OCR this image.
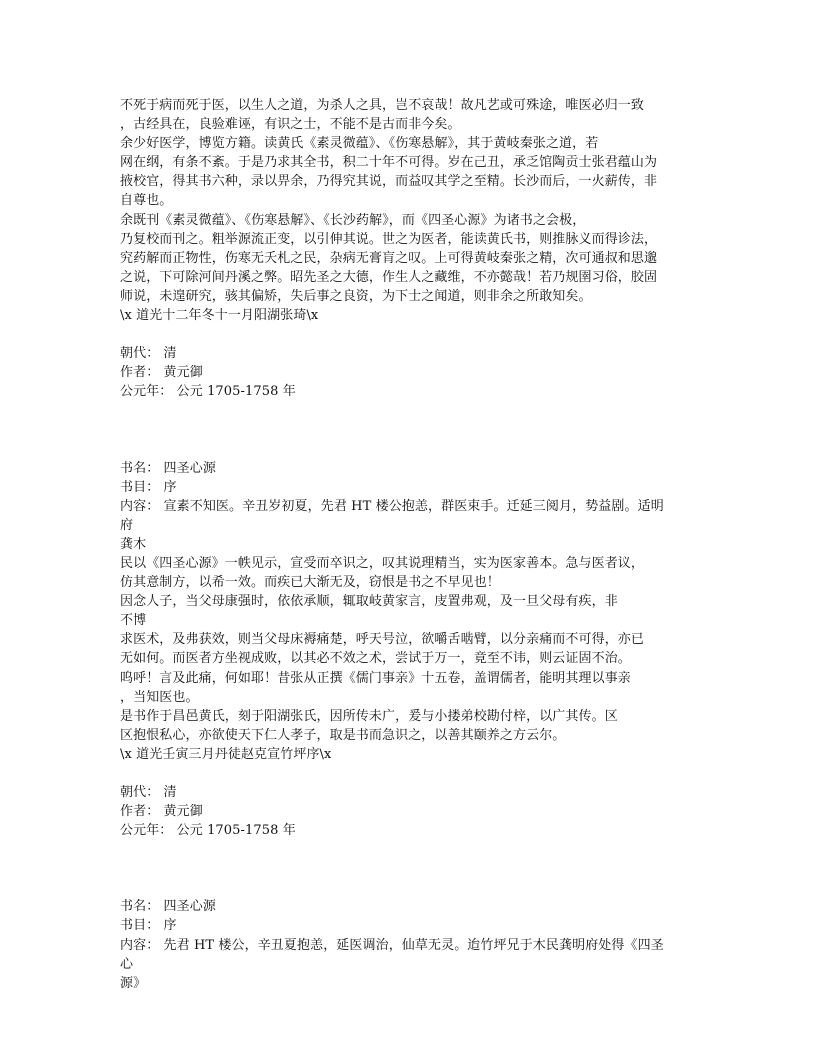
不死于病而死于医，以生人之道，为杀人之具，岂不哀哉！故凡艺或可殊途，唯医必归一致
，古经具在，良验难诬，有识之士，不能不是古而非今矣。
余少好医学，博览方籍。读黄氏《素灵微蕴》、《伤寒悬解》，其于黄岐秦张之道，若
网在纲，有条不紊。于是乃求其全书，积二十年不可得。岁在己丑，承乏馆陶贡士张君蕴山为
掖校官，得其书六种，录以畀余，乃得究其说，而益叹其学之至精。长沙而后，一火薪传，非
自尊也。
余既刊《素灵微蕴》、《伤寒悬解》、《长沙药解》，而《四圣心源》为诸书之会极，
乃复校而刊之。粗举源流正变，以引伸其说。世之为医者，能读黄氏书，则推脉义而得诊法，
究药解而正物性，伤寒无夭札之民，杂病无膏肓之叹。上可得黄岐秦张之精，次可通叔和思邈
之说，下可除河间丹溪之弊。昭先圣之大德，作生人之藏维，不亦懿哉！若乃规圉习俗，胶固
师说，未遑研究，骇其偏矫，失后事之良资，为下士之闻道，则非余之所敢知矣。
\x 道光十二年冬十一月阳湖张琦\x
朝代： 清
作者： 黄元御
公元年： 公元 1705-1758 年
书名： 四圣心源
书目： 序
内容： 宣素不知医。辛丑岁初夏，先君 HT 楼公抱恙，群医束手。迁延三阅月，势益剧。适明
府
龚木
民以《四圣心源》一帙见示，宣受而卒识之，叹其说理精当，实为医家善本。急与医者议，
仿其意制方，以希一效。而疾已大渐无及，窃恨是书之不早见也！
因念人子，当父母康强时，依依承顺，辄取岐黄家言，庋置弗观，及一旦父母有疾，非
不博
求医术，及弗获效，则当父母床褥痛楚，呼天号泣，欲嚼舌啮臂，以分亲痛而不可得，亦已
无如何。而医者方坐视成败，以其必不效之术，尝试于万一，竟至不讳，则云证固不治。
呜呼！言及此痛，何如耶！昔张从正撰《儒门事亲》十五卷，盖谓儒者，能明其理以事亲
，当知医也。
是书作于昌邑黄氏，刻于阳湖张氏，因所传未广，爰与小搂弟校勘付梓，以广其传。区
区抱恨私心，亦欲使天下仁人孝子，取是书而急识之，以善其颐养之方云尔。
\x 道光壬寅三月丹徒赵克宣竹坪序\x
朝代： 清
作者： 黄元御
公元年： 公元 1705-1758 年
书名： 四圣心源
书目： 序
内容： 先君 HT 楼公，辛丑夏抱恙，延医调治，仙草无灵。迨竹坪兄于木民龚明府处得《四圣
心
源》
